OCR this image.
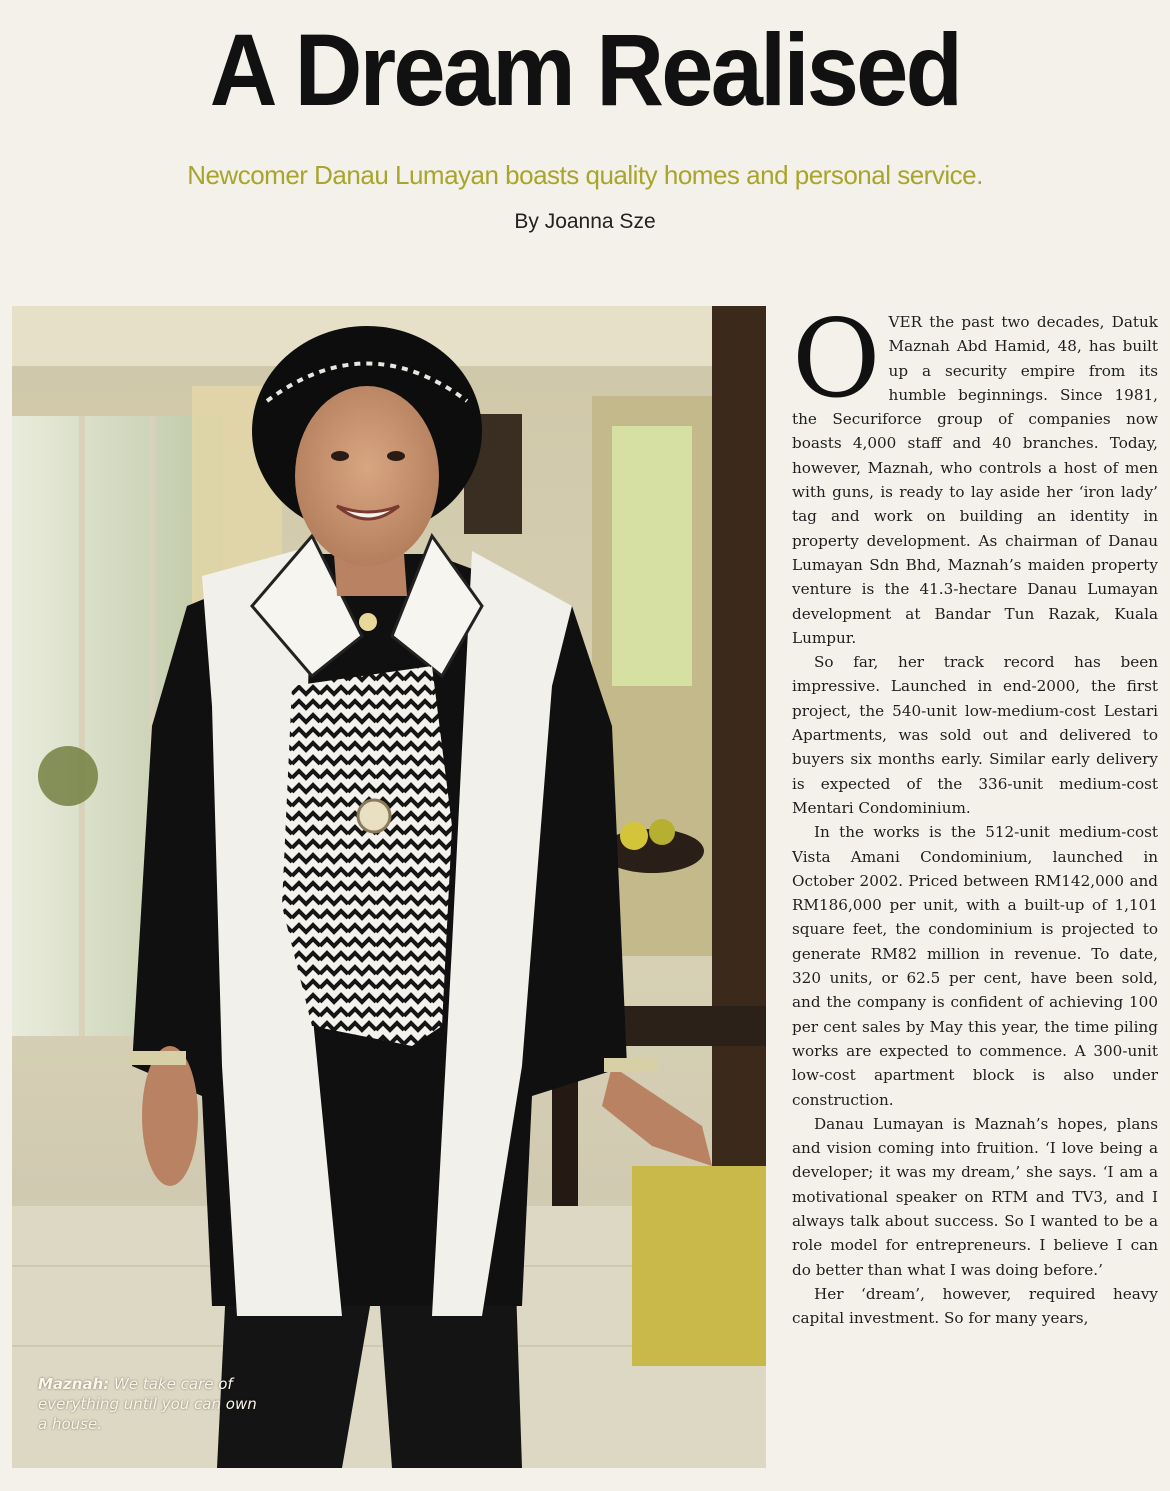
A Dream Realised
Newcomer Danau Lumayan boasts quality homes and personal service.
By Joanna Sze
Maznah: We take care of everything until you can own a house.

OVER the past two decades, Datuk Maznah Abd Hamid, 48, has built up a security empire from its humble beginnings. Since 1981, the Securiforce group of companies now boasts 4,000 staff and 40 branches. Today, however, Maznah, who controls a host of men with guns, is ready to lay aside her ‘iron lady’ tag and work on building an identity in property development. As chairman of Danau Lumayan Sdn Bhd, Maznah’s maiden property venture is the 41.3-hectare Danau Lumayan development at Bandar Tun Razak, Kuala Lumpur.

So far, her track record has been impressive. Launched in end-2000, the first project, the 540-unit low-medium-cost Lestari Apartments, was sold out and delivered to buyers six months early. Similar early delivery is expected of the 336-unit medium-cost Mentari Condominium.

In the works is the 512-unit medium-cost Vista Amani Condominium, launched in October 2002. Priced between RM142,000 and RM186,000 per unit, with a built-up of 1,101 square feet, the condominium is projected to generate RM82 million in revenue. To date, 320 units, or 62.5 per cent, have been sold, and the company is confident of achieving 100 per cent sales by May this year, the time piling works are expected to commence. A 300-unit low-cost apartment block is also under construction.

Danau Lumayan is Maznah’s hopes, plans and vision coming into fruition. ‘I love being a developer; it was my dream,’ she says. ‘I am a motivational speaker on RTM and TV3, and I always talk about success. So I wanted to be a role model for entrepreneurs. I believe I can do better than what I was doing before.’

Her ‘dream’, however, required heavy capital investment. So for many years,
